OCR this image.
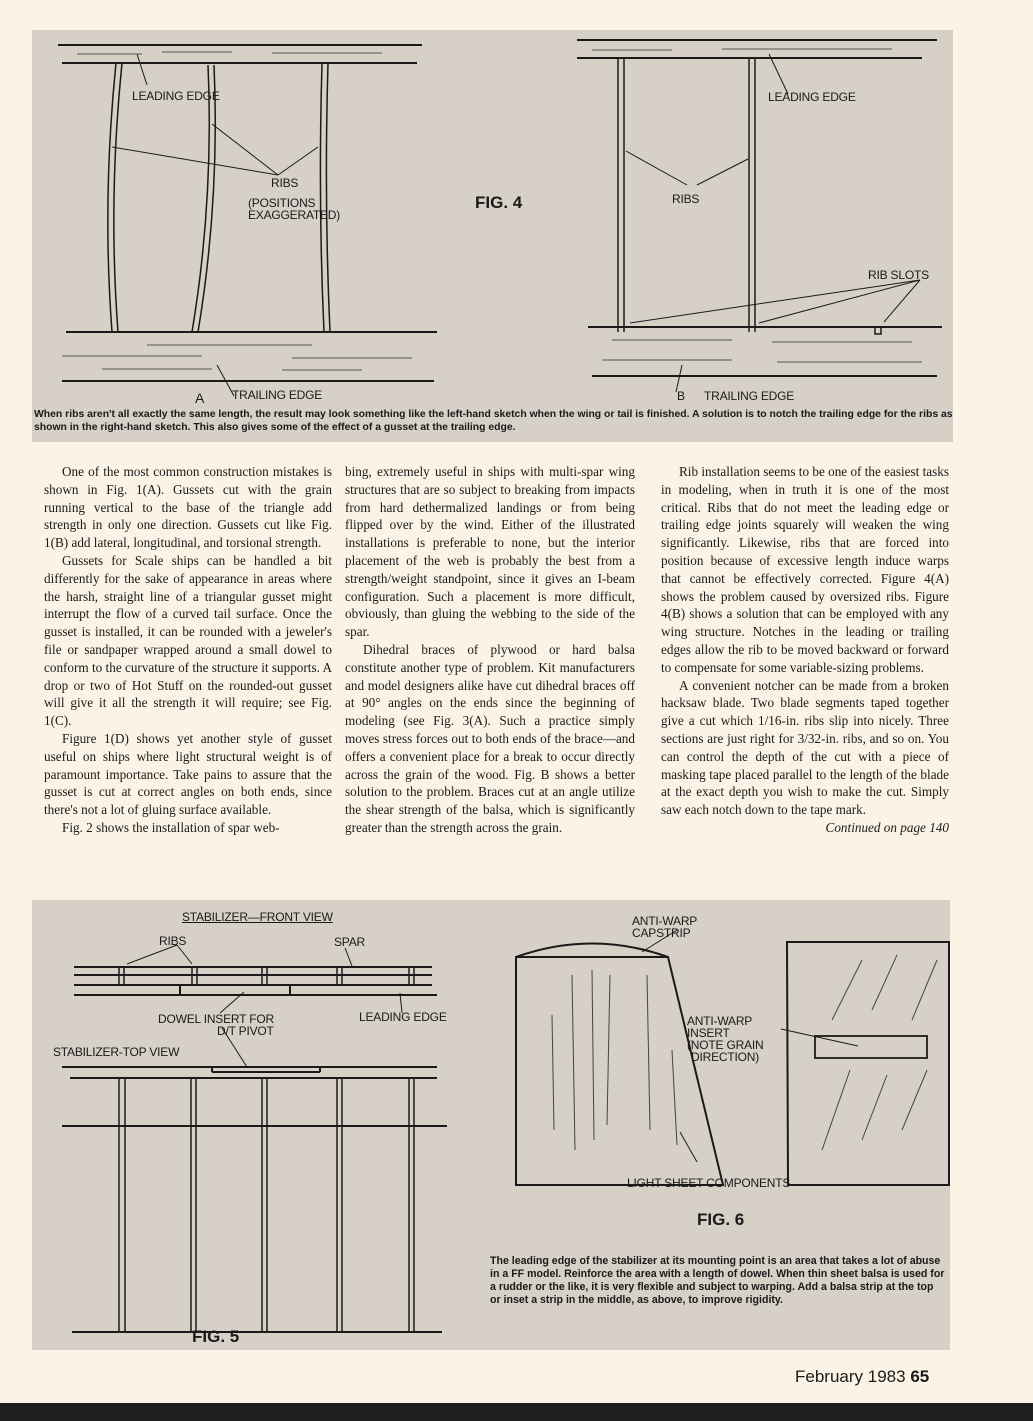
LEADING EDGE
RIBS
(POSITIONS
EXAGGERATED)
FIG. 4
A TRAILING EDGE
LEADING EDGE
RIBS
RIB SLOTS
B TRAILING EDGE
When ribs aren't all exactly the same length, the result may look something like the left-hand sketch when the wing or tail is finished. A solution is to notch the trailing edge for the ribs as shown in the right-hand sketch. This also gives some of the effect of a gusset at the trailing edge.

One of the most common construction mistakes is shown in Fig. 1(A). Gussets cut with the grain running vertical to the base of the triangle add strength in only one direction. Gussets cut like Fig. 1(B) add lateral, longitudinal, and torsional strength.

Gussets for Scale ships can be handled a bit differently for the sake of appearance in areas where the harsh, straight line of a triangular gusset might interrupt the flow of a curved tail surface. Once the gusset is installed, it can be rounded with a jeweler's file or sandpaper wrapped around a small dowel to conform to the curvature of the structure it supports. A drop or two of Hot Stuff on the rounded-out gusset will give it all the strength it will require; see Fig. 1(C).

Figure 1(D) shows yet another style of gusset useful on ships where light structural weight is of paramount importance. Take pains to assure that the gusset is cut at correct angles on both ends, since there's not a lot of gluing surface available.

Fig. 2 shows the installation of spar web-

bing, extremely useful in ships with multi-spar wing structures that are so subject to breaking from impacts from hard dethermalized landings or from being flipped over by the wind. Either of the illustrated installations is preferable to none, but the interior placement of the web is probably the best from a strength/weight standpoint, since it gives an I-beam configuration. Such a placement is more difficult, obviously, than gluing the webbing to the side of the spar.

Dihedral braces of plywood or hard balsa constitute another type of problem. Kit manufacturers and model designers alike have cut dihedral braces off at 90° angles on the ends since the beginning of modeling (see Fig. 3(A). Such a practice simply moves stress forces out to both ends of the brace—and offers a convenient place for a break to occur directly across the grain of the wood. Fig. B shows a better solution to the problem. Braces cut at an angle utilize the shear strength of the balsa, which is significantly greater than the strength across the grain.

Rib installation seems to be one of the easiest tasks in modeling, when in truth it is one of the most critical. Ribs that do not meet the leading edge or trailing edge joints squarely will weaken the wing significantly. Likewise, ribs that are forced into position because of excessive length induce warps that cannot be effectively corrected. Figure 4(A) shows the problem caused by oversized ribs. Figure 4(B) shows a solution that can be employed with any wing structure. Notches in the leading or trailing edges allow the rib to be moved backward or forward to compensate for some variable-sizing problems.

A convenient notcher can be made from a broken hacksaw blade. Two blade segments taped together give a cut which 1/16-in. ribs slip into nicely. Three sections are just right for 3/32-in. ribs, and so on. You can control the depth of the cut with a piece of masking tape placed parallel to the length of the blade at the exact depth you wish to make the cut. Simply saw each notch down to the tape mark.

Continued on page 140

STABILIZER—FRONT VIEW
RIBS	SPAR
DOWEL INSERT FOR
D/T PIVOT
LEADING EDGE
STABILIZER-TOP VIEW
FIG. 5
ANTI-WARP
CAPSTRIP
ANTI-WARP
INSERT
(NOTE GRAIN
DIRECTION)
LIGHT SHEET COMPONENTS
FIG. 6
The leading edge of the stabilizer at its mounting point is an area that takes a lot of abuse in a FF model. Reinforce the area with a length of dowel. When thin sheet balsa is used for a rudder or the like, it is very flexible and subject to warping. Add a balsa strip at the top or inset a strip in the middle, as above, to improve rigidity.
February 1983 65
